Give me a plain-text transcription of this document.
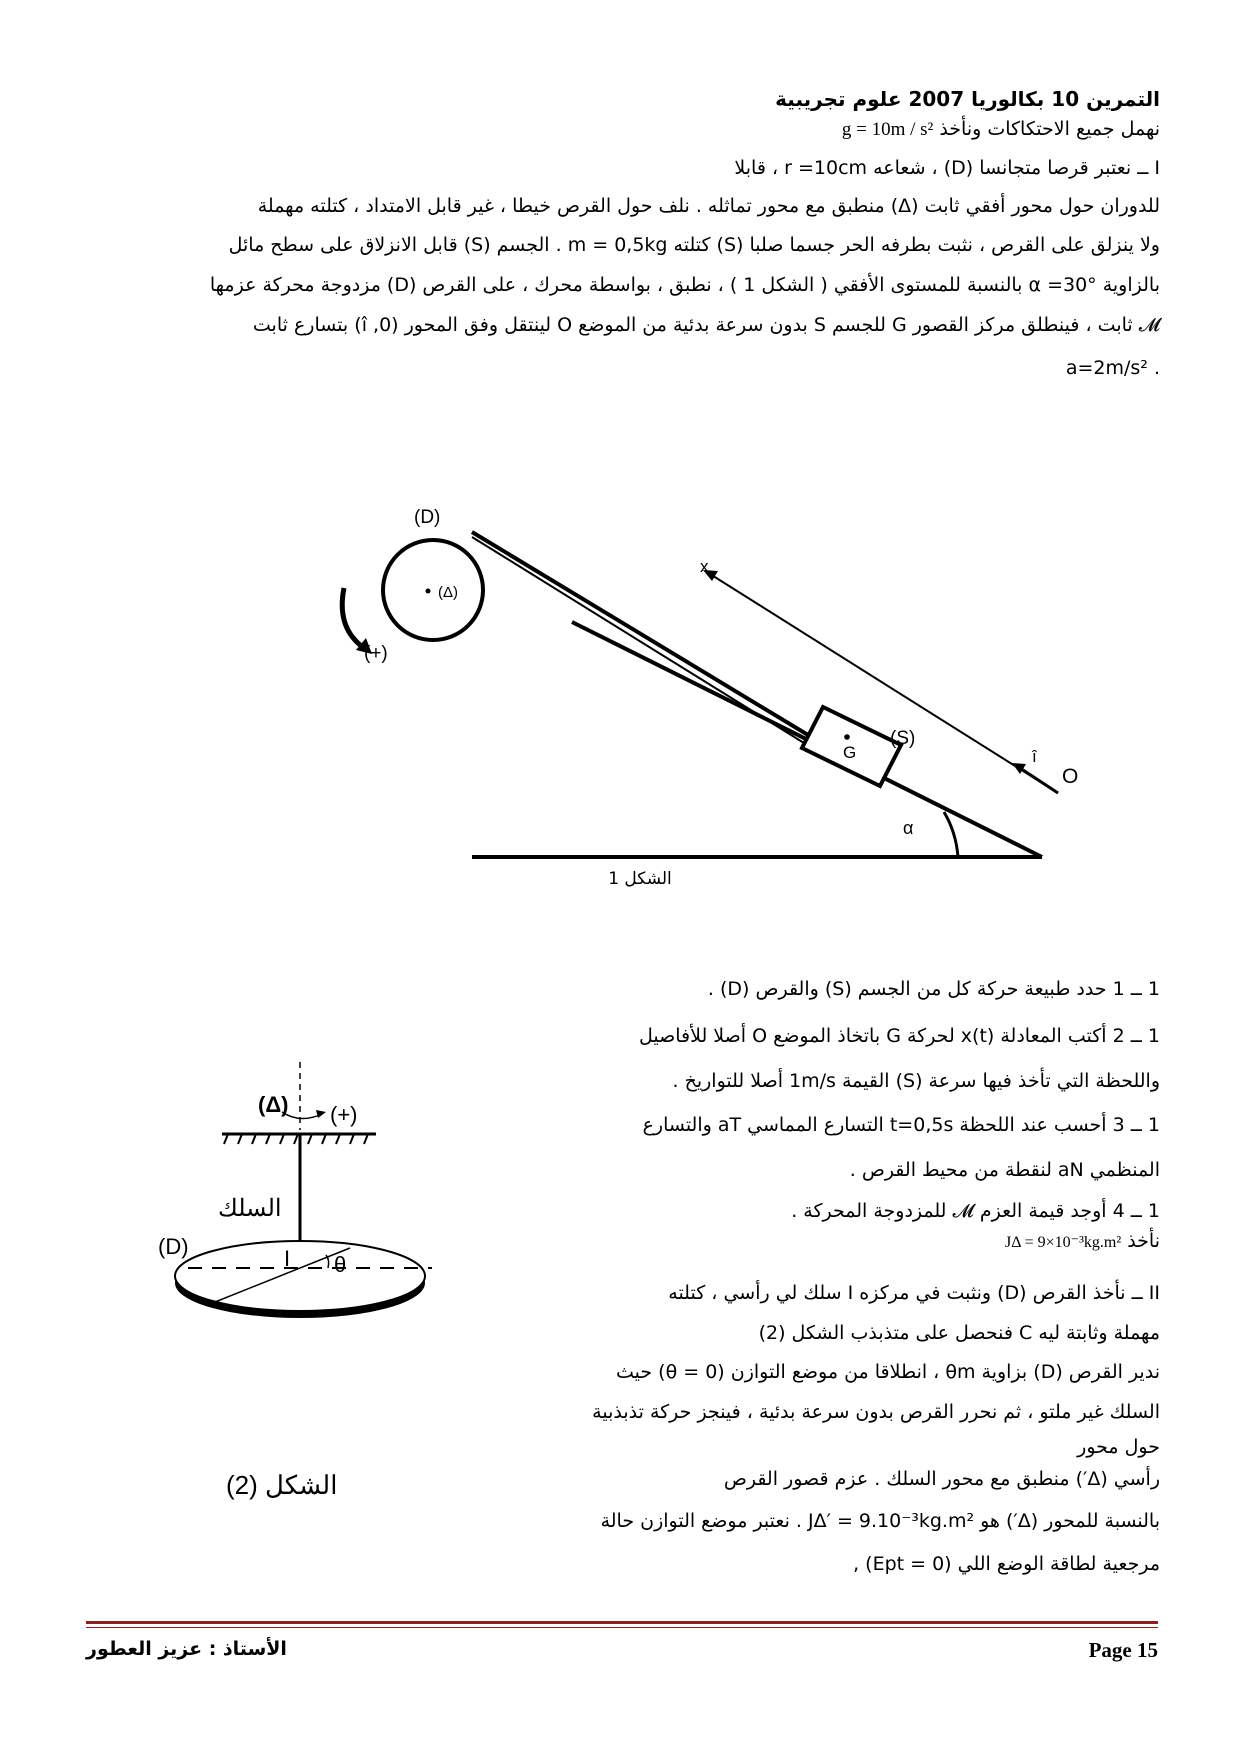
التمرين 10 بكالوريا 2007 علوم تجريبية
نهمل جميع الاحتكاكات ونأخذ g = 10m / s²
I ــ نعتبر قرصا متجانسا (D) ، شعاعه r =10cm ، قابلا
للدوران حول محور أفقي ثابت (Δ) منطبق مع محور تماثله . نلف حول القرص خيطا ، غير قابل الامتداد ، كتلته مهملة
ولا ينزلق على القرص ، نثبت بطرفه الحر جسما صلبا (S) كتلته m = 0,5kg . الجسم (S) قابل الانزلاق على سطح مائل
بالزاوية α =30° بالنسبة للمستوى الأفقي ( الشكل 1 ) ، نطبق ، بواسطة محرك ، على القرص (D) مزدوجة محركة عزمها
𝓜 ثابت ، فينطلق مركز القصور G للجسم S بدون سرعة بدئية من الموضع O لينتقل وفق المحور (0, î) بتسارع ثابت
. a=2m/s²
(D)
(Δ)
(+)
x
(S)
G	î
O
α
الشكل 1
1 ــ 1 حدد طبيعة حركة كل من الجسم (S) والقرص (D) .
1 ــ 2 أكتب المعادلة x(t) لحركة G باتخاذ الموضع O أصلا للأفاصيل
واللحظة التي تأخذ فيها سرعة (S) القيمة 1m/s أصلا للتواريخ .
1 ــ 3 أحسب عند اللحظة t=0,5s التسارع المماسي aT والتسارع
المنظمي aN لنقطة من محيط القرص .
1 ــ 4 أوجد قيمة العزم 𝓜 للمزدوجة المحركة .
نأخذ JΔ = 9×10⁻³kg.m²
II ــ نأخذ القرص (D) ونثبت في مركزه I سلك لي رأسي ، كتلته
مهملة وثابتة ليه C فنحصل على متذبذب الشكل (2)
ندير القرص (D) بزاوية θm ، انطلاقا من موضع التوازن (θ = 0) حيث
السلك غير ملتو ، ثم نحرر القرص بدون سرعة بدئية ، فينجز حركة تذبذبية
حول محور
رأسي (Δ′) منطبق مع محور السلك . عزم قصور القرص
بالنسبة للمحور (Δ′) هو JΔ′ = 9.10⁻³kg.m² . نعتبر موضع التوازن حالة
مرجعية لطاقة الوضع اللي (Ept = 0) ,
(Δ) (+)
السلك
(D)	I θ
الشكل (2)
Page 15
الأستاذ : عزيز العطور
